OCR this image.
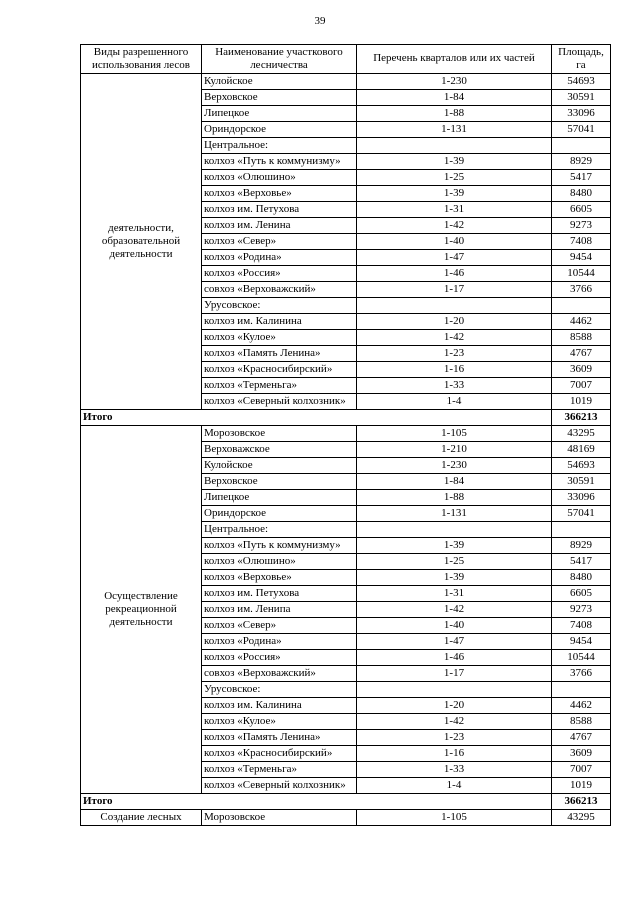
39
Виды разрешенного использования лесов	Наименование участкового лесничества	Перечень кварталов или их частей	Площадь, га
деятельности, образовательной деятельности	Кулойское	1-230	54693
	Верховское	1-84	30591
	Липецкое	1-88	33096
	Ориндорское	1-131	57041
	Центральное:		
	колхоз «Путь к коммунизму»	1-39	8929
	колхоз «Олюшино»	1-25	5417
	колхоз «Верховье»	1-39	8480
	колхоз им. Петухова	1-31	6605
	колхоз им. Ленина	1-42	9273
	колхоз «Север»	1-40	7408
	колхоз «Родина»	1-47	9454
	колхоз «Россия»	1-46	10544
	совхоз «Верховажский»	1-17	3766
	Урусовское:		
	колхоз им. Калинина	1-20	4462
	колхоз «Кулое»	1-42	8588
	колхоз «Память Ленина»	1-23	4767
	колхоз «Красносибирский»	1-16	3609
	колхоз «Терменьга»	1-33	7007
	колхоз «Северный колхозник»	1-4	1019
Итого			366213
Осуществление рекреационной деятельности	Морозовское	1-105	43295
	Верховажское	1-210	48169
	Кулойское	1-230	54693
	Верховское	1-84	30591
	Липецкое	1-88	33096
	Ориндорское	1-131	57041
	Центральное:		
	колхоз «Путь к коммунизму»	1-39	8929
	колхоз «Олюшино»	1-25	5417
	колхоз «Верховье»	1-39	8480
	колхоз им. Петухова	1-31	6605
	колхоз им. Ленипа	1-42	9273
	колхоз «Север»	1-40	7408
	колхоз «Родина»	1-47	9454
	колхоз «Россия»	1-46	10544
	совхоз «Верховажский»	1-17	3766
	Урусовское:		
	колхоз им. Калинина	1-20	4462
	колхоз «Кулое»	1-42	8588
	колхоз «Память Ленина»	1-23	4767
	колхоз «Красносибирский»	1-16	3609
	колхоз «Терменьга»	1-33	7007
	колхоз «Северный колхозник»	1-4	1019
Итого			366213
Создание лесных	Морозовское	1-105	43295
